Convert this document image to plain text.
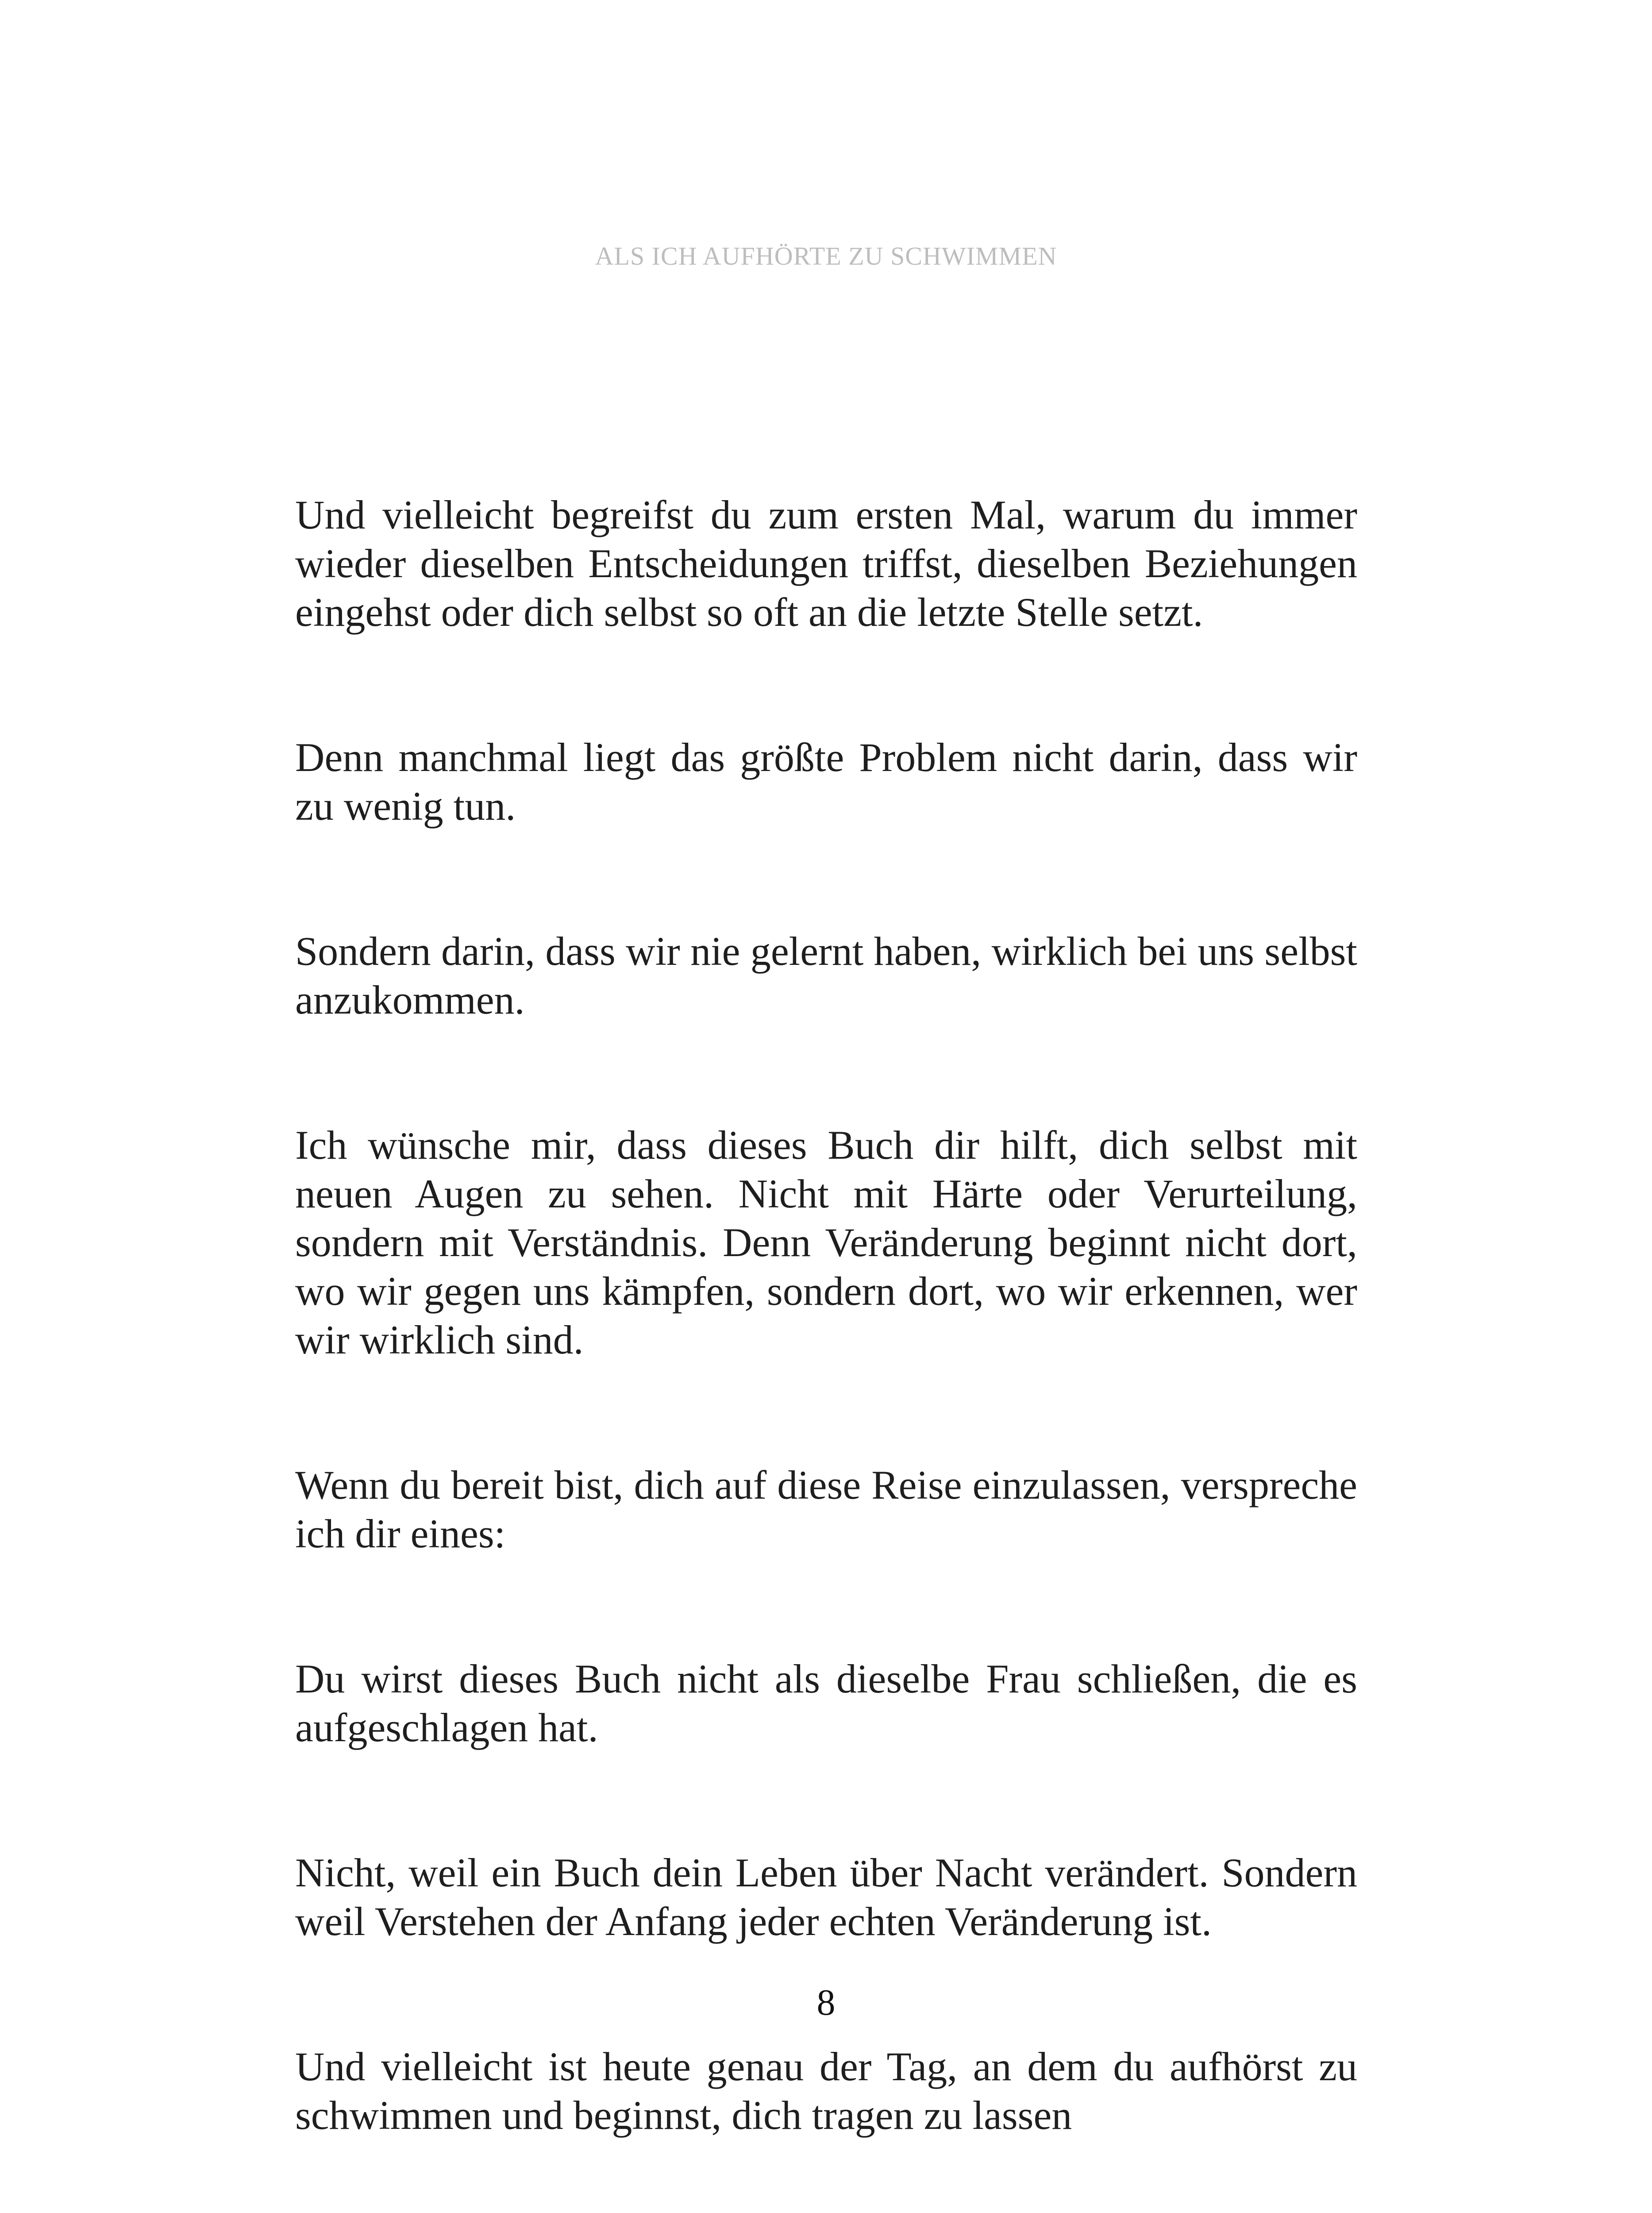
ALS ICH AUFHÖRTE ZU SCHWIMMEN

Und vielleicht begreifst du zum ersten Mal, warum du immer wieder dieselben Entscheidungen triffst, dieselben Beziehungen eingehst oder dich selbst so oft an die letzte Stelle setzt.

Denn manchmal liegt das größte Problem nicht darin, dass wir zu wenig tun.

Sondern darin, dass wir nie gelernt haben, wirklich bei uns selbst anzukommen.

Ich wünsche mir, dass dieses Buch dir hilft, dich selbst mit neuen Augen zu sehen. Nicht mit Härte oder Verurteilung, sondern mit Verständnis. Denn Veränderung beginnt nicht dort, wo wir gegen uns kämpfen, sondern dort, wo wir erkennen, wer wir wirklich sind.

Wenn du bereit bist, dich auf diese Reise einzulassen, verspreche ich dir eines:

Du wirst dieses Buch nicht als dieselbe Frau schließen, die es aufgeschlagen hat.

Nicht, weil ein Buch dein Leben über Nacht verändert. Sondern weil Verstehen der Anfang jeder echten Veränderung ist.

Und vielleicht ist heute genau der Tag, an dem du aufhörst zu schwimmen und beginnst, dich tragen zu lassen

8
